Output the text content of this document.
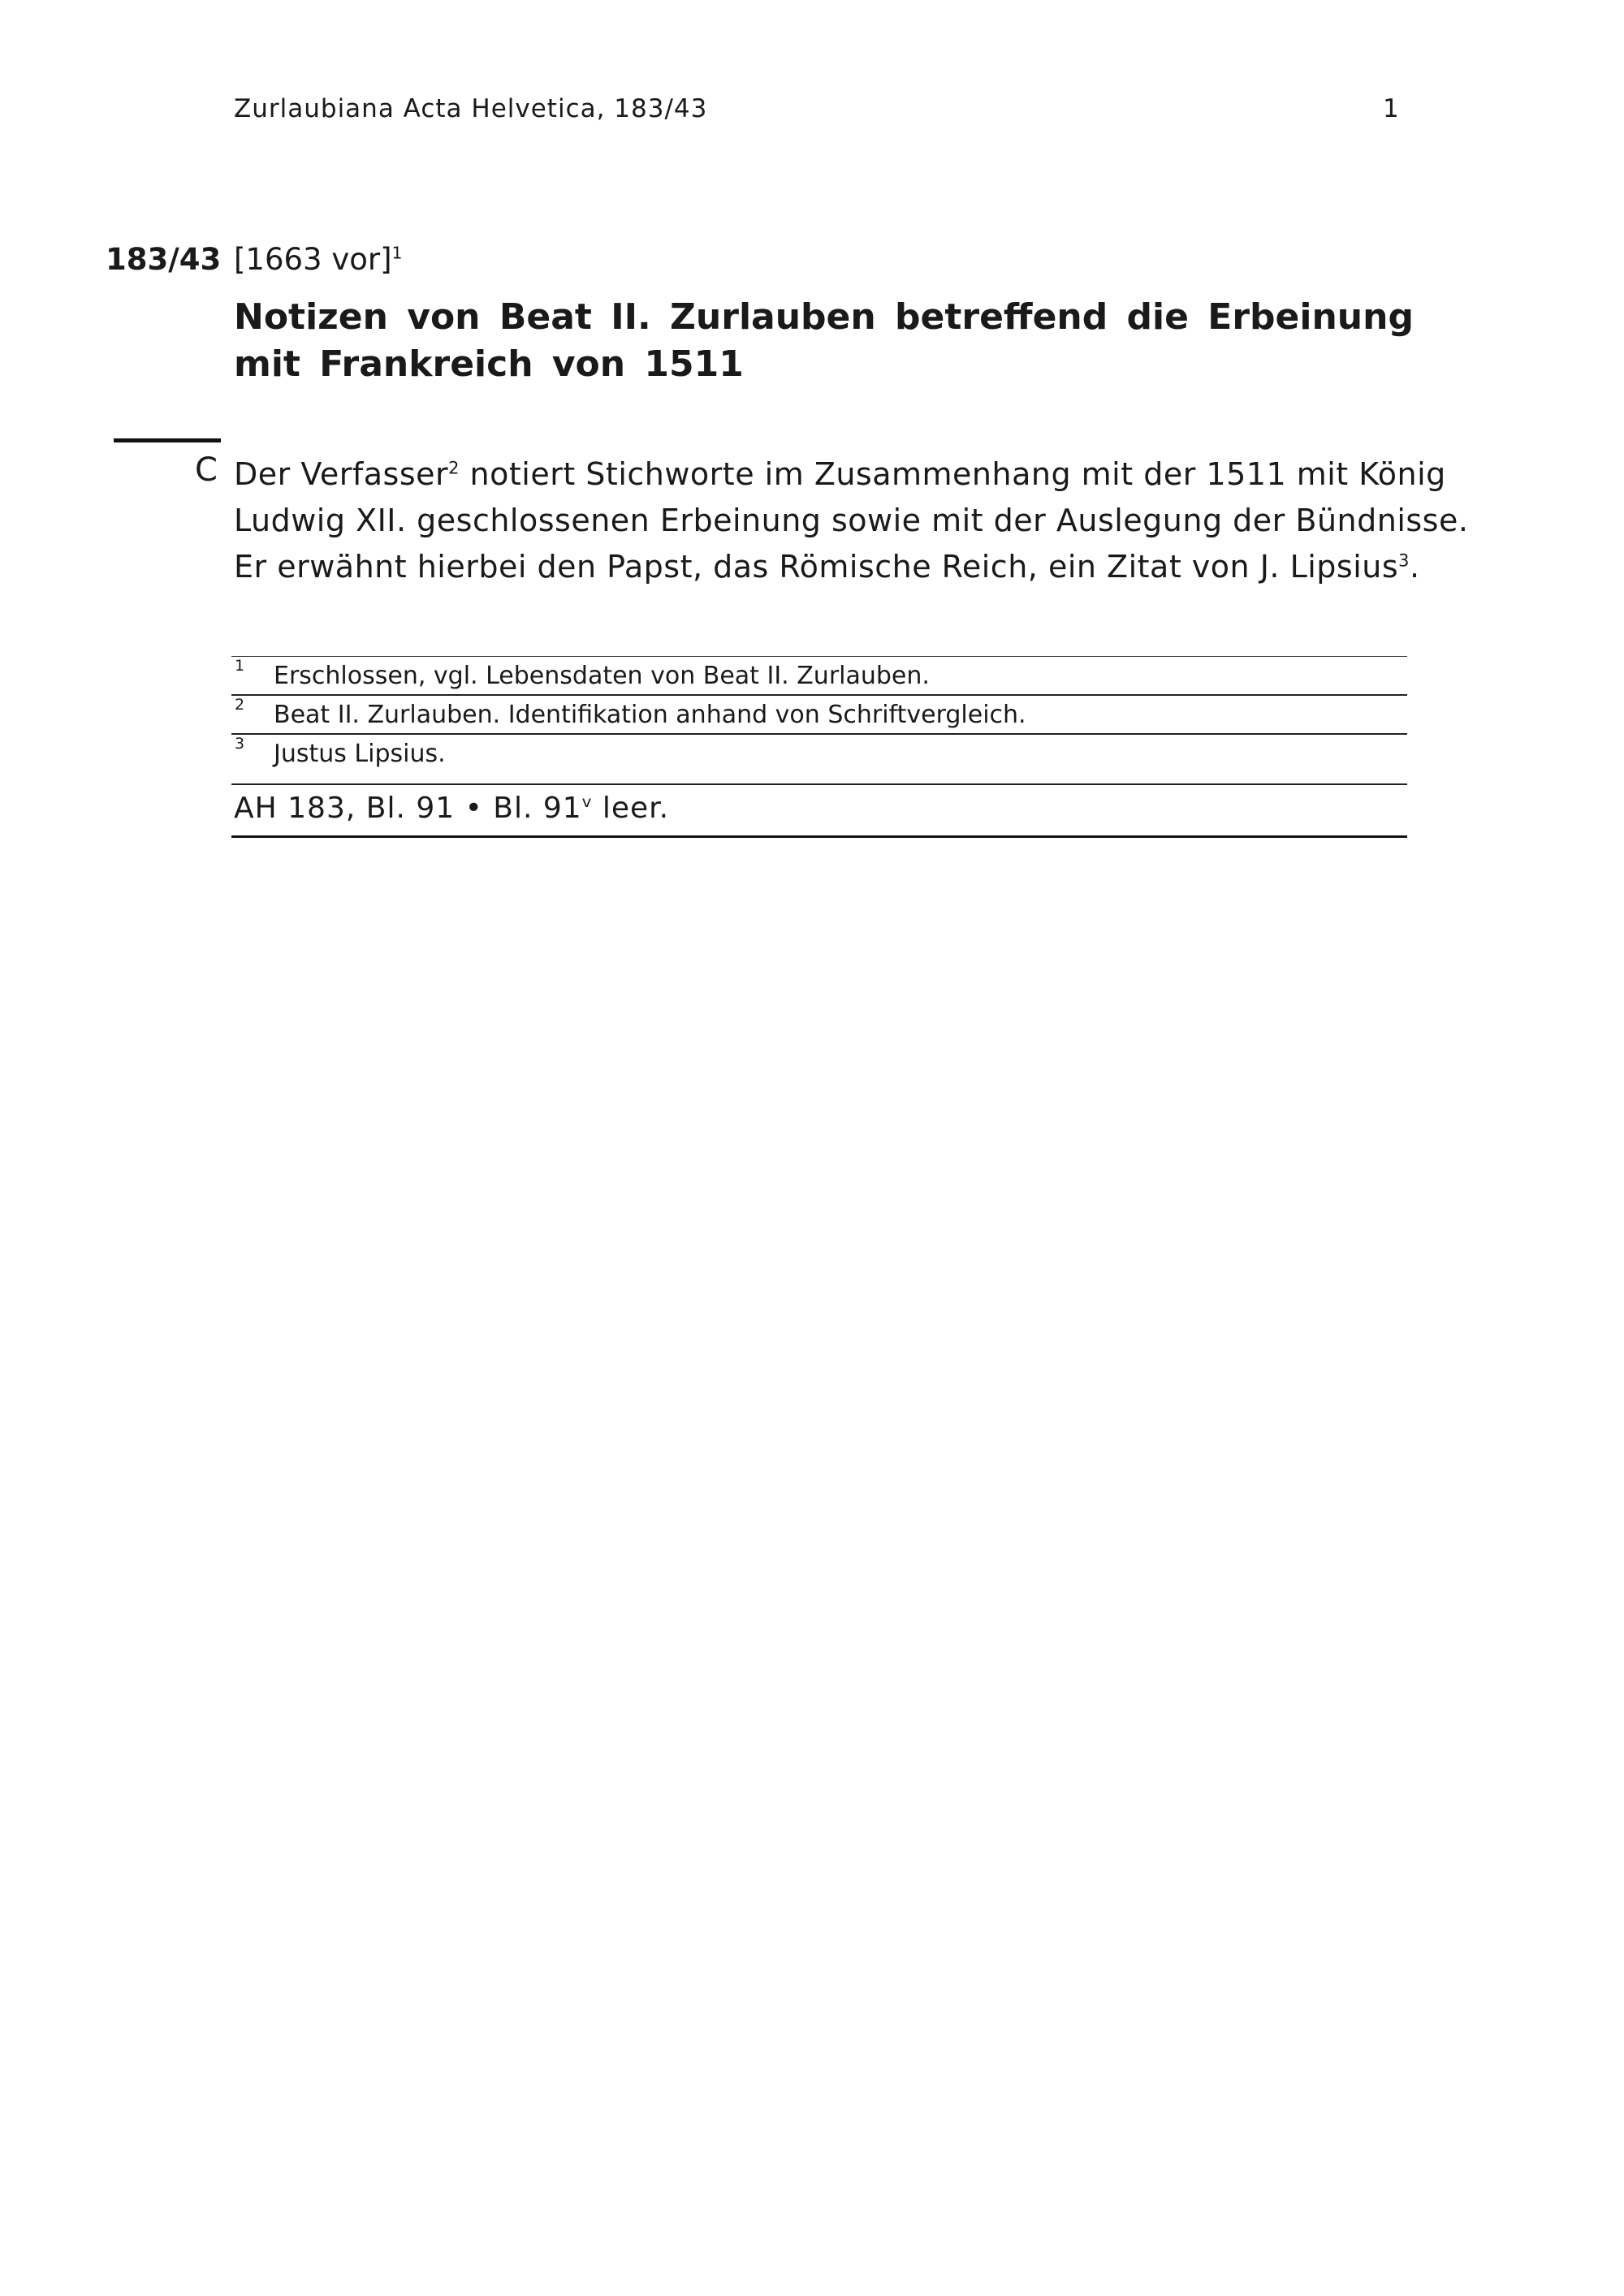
Zurlaubiana Acta Helvetica, 183/43	1
183/43 [1663 vor]$^1$
Notizen von Beat II. Zurlauben betreffend die Erbeinung mit Frankreich von 1511
C Der Verfasser$^2$ notiert Stichworte im Zusammenhang mit der 1511 mit König
Ludwig XII. geschlossenen Erbeinung sowie mit der Auslegung der Bündnisse.
Er erwähnt hierbei den Papst, das Römische Reich, ein Zitat von J. Lipsius$^3$.
1 Erschlossen, vgl. Lebensdaten von Beat II. Zurlauben.
2 Beat II. Zurlauben. Identifikation anhand von Schriftvergleich.
3 Justus Lipsius.
AH 183, Bl. 91 • Bl. 91$^v$ leer.
